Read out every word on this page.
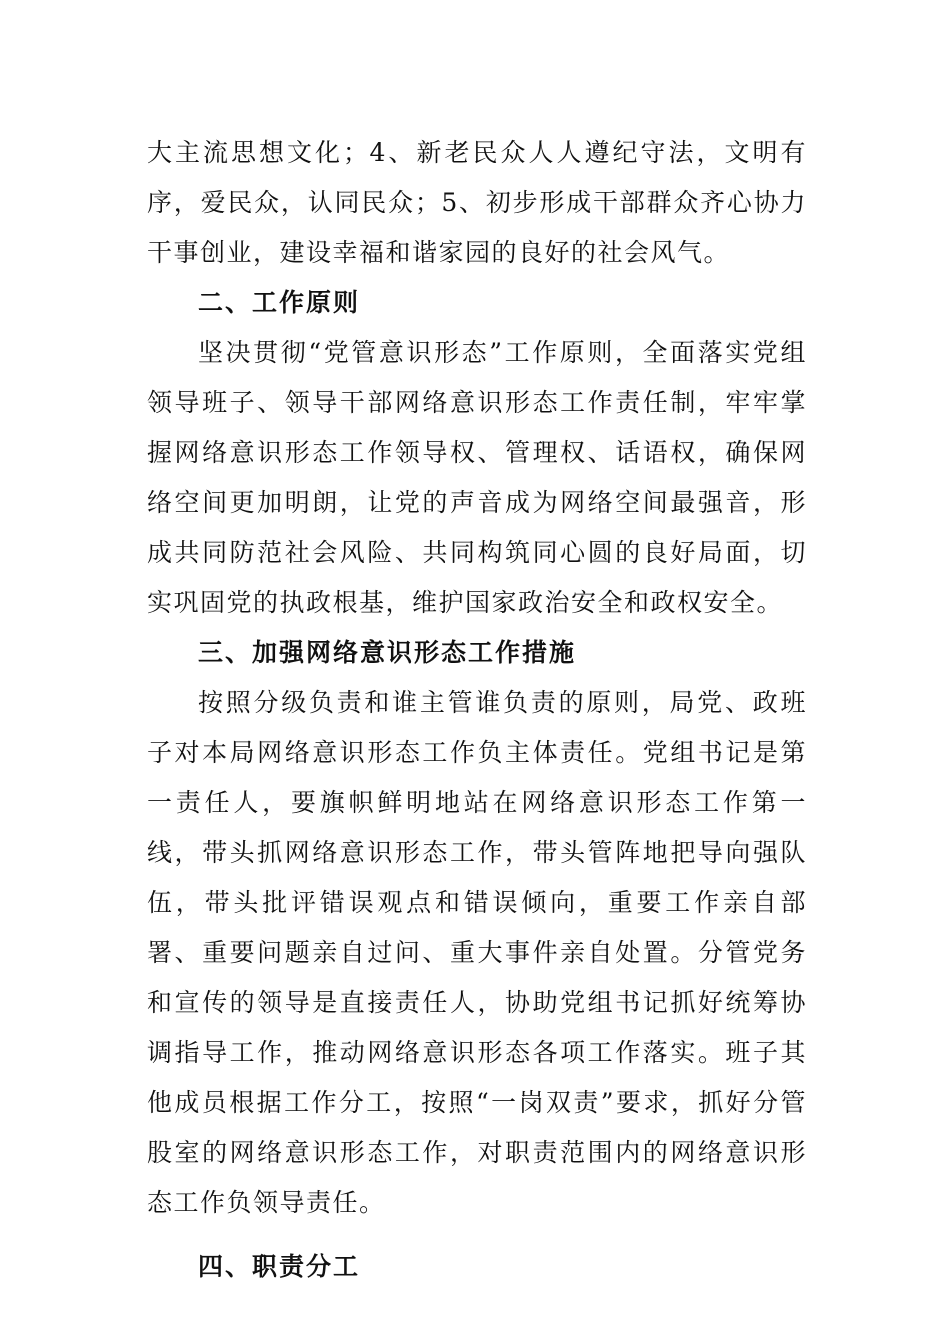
大主流思想文化；4、新老民众人人遵纪守法，文明有序，爱民众，认同民众；5、初步形成干部群众齐心协力干事创业，建设幸福和谐家园的良好的社会风气。

二、工作原则

坚决贯彻“党管意识形态”工作原则，全面落实党组领导班子、领导干部网络意识形态工作责任制，牢牢掌握网络意识形态工作领导权、管理权、话语权，确保网络空间更加明朗，让党的声音成为网络空间最强音，形成共同防范社会风险、共同构筑同心圆的良好局面，切实巩固党的执政根基，维护国家政治安全和政权安全。

三、加强网络意识形态工作措施

按照分级负责和谁主管谁负责的原则，局党、政班子对本局网络意识形态工作负主体责任。党组书记是第一责任人，要旗帜鲜明地站在网络意识形态工作第一线，带头抓网络意识形态工作，带头管阵地把导向强队伍，带头批评错误观点和错误倾向，重要工作亲自部署、重要问题亲自过问、重大事件亲自处置。分管党务和宣传的领导是直接责任人，协助党组书记抓好统筹协调指导工作，推动网络意识形态各项工作落实。班子其他成员根据工作分工，按照“一岗双责”要求，抓好分管股室的网络意识形态工作，对职责范围内的网络意识形态工作负领导责任。

四、职责分工
